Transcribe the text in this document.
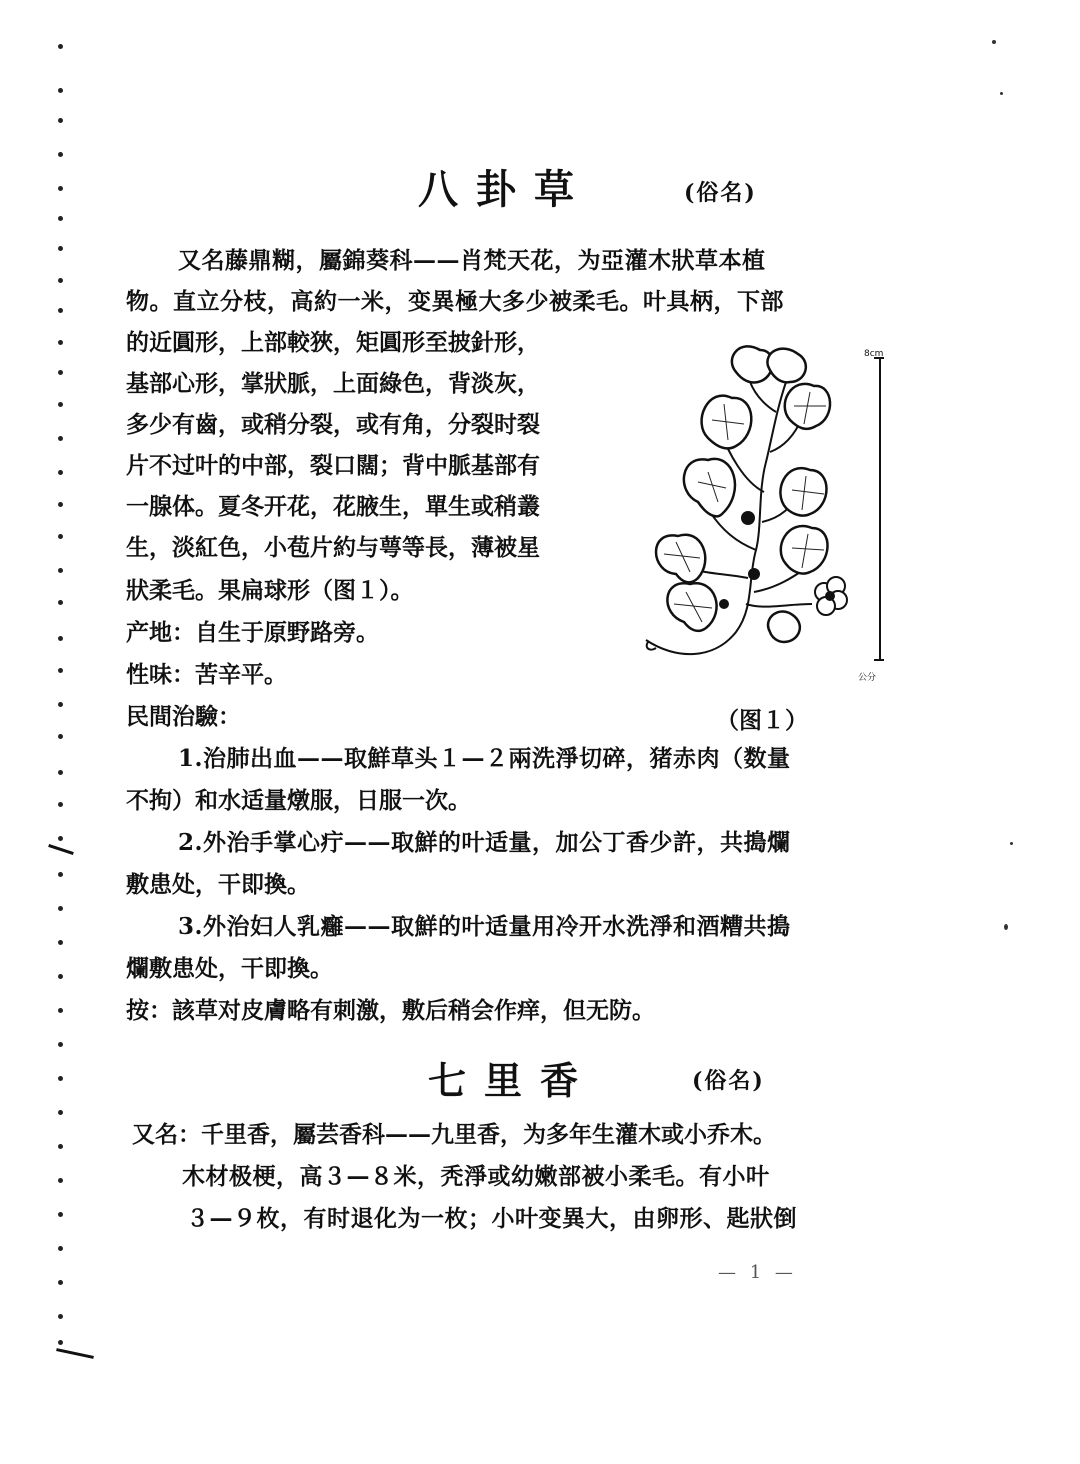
八卦草	(俗名)
又名藤鼎糊，屬錦葵科——肖梵天花，为亞灌木狀草本植
物。直立分枝，高約一米，变異極大多少被柔毛。叶具柄，下部
的近圓形，上部較狹，矩圓形至披針形，
基部心形，掌狀脈，上面綠色，背淡灰，
多少有齒，或稍分裂，或有角，分裂时裂
片不过叶的中部，裂口闊；背中脈基部有
一腺体。夏冬开花，花腋生，單生或稍叢
生，淡紅色，小苞片約与萼等長，薄被星
狀柔毛。果扁球形（图１）。
产地：自生于原野路旁。
性味：苦辛平。
民間治驗：
1.治肺出血——取鮮草头１—２兩洗淨切碎，猪赤肉（数量
不拘）和水适量燉服，日服一次。
2.外治手掌心疔——取鮮的叶适量，加公丁香少許，共搗爛
敷患处，干即換。
3.外治妇人乳癰——取鮮的叶适量用冷开水洗淨和酒糟共搗
爛敷患处，干即換。
按：該草对皮膚略有刺激，敷后稍会作痒，但无防。
8cm
公分
（图１）
七里香	(俗名)
又名：千里香，屬芸香科——九里香，为多年生灌木或小乔木。
木材极梗，高３—８米，秃淨或幼嫩部被小柔毛。有小叶
３—９枚，有时退化为一枚；小叶变異大，由卵形、匙狀倒
— 1 —
